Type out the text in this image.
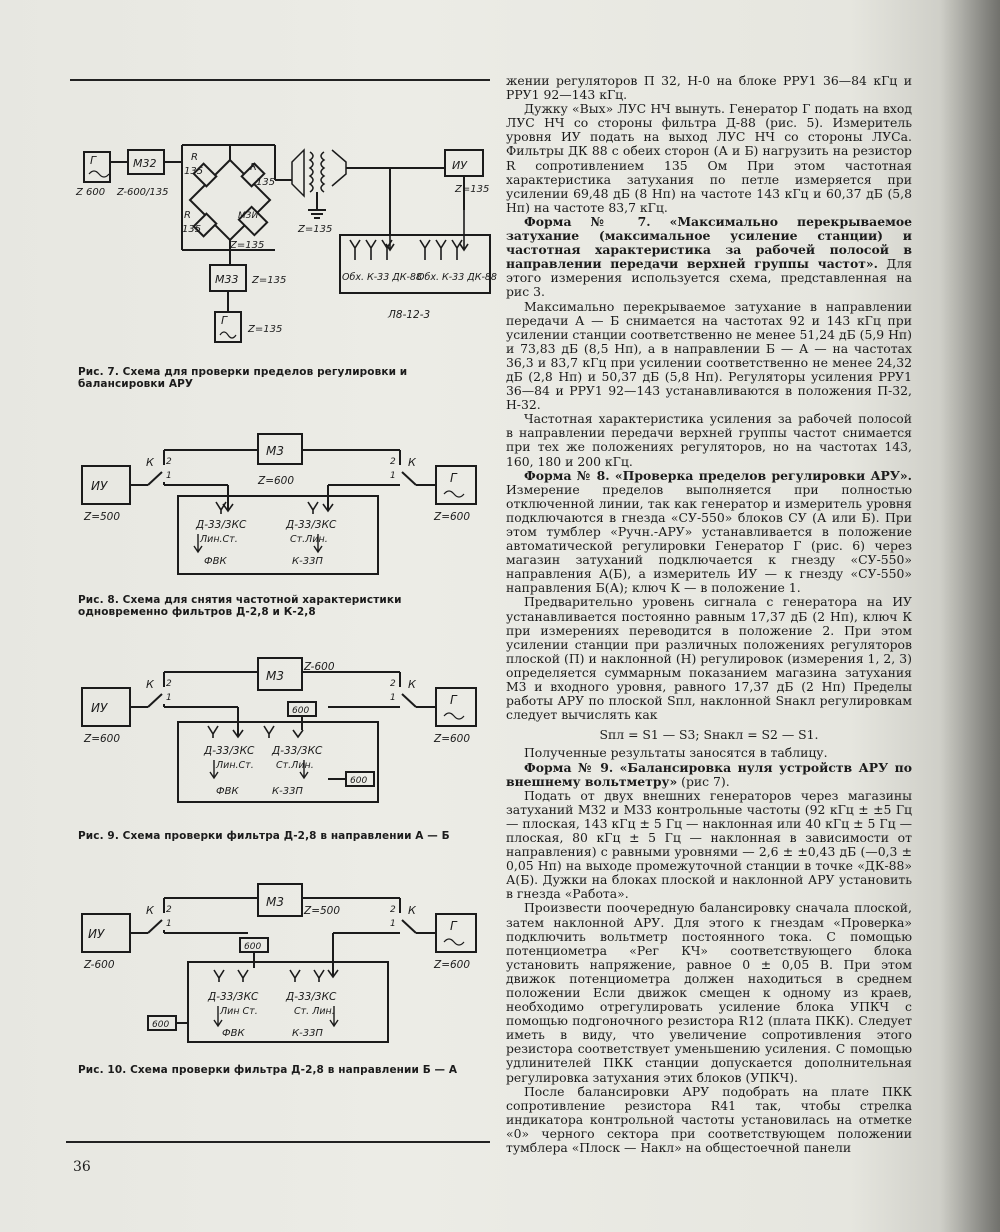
Г
Z 600
М32
Z-600/135
R
135	R
135
R
135
М3И
Z=135
Z=135
ИУ
Z=135
Обх. К-33 ДК-88
Обх. К-33 ДК-88
Л8-12-3
М33 Z=135
Г
Z=135
Рис. 7. Схема для проверки пределов регулировки и балансировки АРУ
М3
Z=600
ИУ
Z=500
К 2
1	Г
Z=600
К
2
1
Д-33/3КС	Д-33/3КС
Лин.Ст.	Ст.Лин.
ФВК	К-33П
Рис. 8. Схема для снятия частотной характеристики одновременно фильтров Д-2,8 и К-2,8
М3
Z-600
ИУ
Z=600
К 2
1	Г
Z=600
К
2
1
600
Д-33/3КС Д-33/3КС
Лин.Ст. Ст.Лин.
ФВК	К-33П
600
Рис. 9. Схема проверки фильтра Д-2,8 в направлении А — Б
М3
Z=500
ИУ
Z-600
К 2
1	Г
Z=600
К
2
1
600
Д-33/3КС	Д-33/3КС
Лин Ст.	Ст. Лин.
ФВК	К-33П
600
Рис. 10. Схема проверки фильтра Д-2,8 в направлении Б — А
36

жении регуляторов П 32, Н-0 на блоке РРУ1 36—84 кГц и РРУ1 92—143 кГц.

Дужку «Вых» ЛУС НЧ вынуть. Генератор Г подать на вход ЛУС НЧ со стороны фильтра Д-88 (рис. 5). Измеритель уровня ИУ подать на выход ЛУС НЧ со стороны ЛУСа. Фильтры ДК 88 с обеих сторон (А и Б) нагрузить на резистор R сопротивлением 135 Ом При этом частотная характеристика затухания по петле измеряется при усилении 69,48 дБ (8 Нп) на частоте 143 кГц и 60,37 дБ (5,8 Нп) на частоте 83,7 кГц.

Форма № 7. «Максимально перекрываемое затухание (максимальное усиление станции) и частотная характеристика за рабочей полосой в направлении передачи верхней группы частот». Для этого измерения используется схема, представленная на рис 3.

Максимально перекрываемое затухание в направлении передачи А — Б снимается на частотах 92 и 143 кГц при усилении станции соответственно не менее 51,24 дБ (5,9 Нп) и 73,83 дБ (8,5 Нп), а в направлении Б — А — на частотах 36,3 и 83,7 кГц при усилении соответственно не менее 24,32 дБ (2,8 Нп) и 50,37 дБ (5,8 Нп). Регуляторы усиления РРУ1 36—84 и РРУ1 92—143 устанавливаются в положения П-32, Н-32.

Частотная характеристика усиления за рабочей полосой в направлении передачи верхней группы частот снимается при тех же положениях регуляторов, но на частотах 143, 160, 180 и 200 кГц.

Форма № 8. «Проверка пределов регулировки АРУ». Измерение пределов выполняется при полностью отключенной линии, так как генератор и измеритель уровня подключаются в гнезда «СУ-550» блоков СУ (А или Б). При этом тумблер «Ручн.-АРУ» устанавливается в положение автоматической регулировки Генератор Г (рис. 6) через магазин затуханий подключается к гнезду «СУ-550» направления А(Б), а измеритель ИУ — к гнезду «СУ-550» направления Б(А); ключ К — в положение 1.

Предварительно уровень сигнала с генератора на ИУ устанавливается постоянно равным 17,37 дБ (2 Нп), ключ К при измерениях переводится в положение 2. При этом усилении станции при различных положениях регуляторов плоской (П) и наклонной (Н) регулировок (измерения 1, 2, 3) определяется суммарным показанием магазина затухания М3 и входного уровня, равного 17,37 дБ (2 Нп) Пределы работы АРУ по плоской Sпл, наклонной Sнакл регулировкам следует вычислять как

Sпл = S1 — S3; Sнакл = S2 — S1.

Полученные результаты заносятся в таблицу.

Форма № 9. «Балансировка нуля устройств АРУ по внешнему вольтметру» (рис 7).

Подать от двух внешних генераторов через магазины затуханий М32 и М33 контрольные частоты (92 кГц ± ±5 Гц — плоская, 143 кГц ± 5 Гц — наклонная или 40 кГц ± 5 Гц — плоская, 80 кГц ± 5 Гц — наклонная в зависимости от направления) с равными уровнями — 2,6 ± ±0,43 дБ (—0,3 ± 0,05 Нп) на выходе промежуточной станции в точке «ДК-88» А(Б). Дужки на блоках плоской и наклонной АРУ установить в гнезда «Работа».

Произвести поочередную балансировку сначала плоской, затем наклонной АРУ. Для этого к гнездам «Проверка» подключить вольтметр постоянного тока. С помощью потенциометра «Рег КЧ» соответствующего блока установить напряжение, равное 0 ± 0,05 В. При этом движок потенциометра должен находиться в среднем положении Если движок смещен к одному из краев, необходимо отрегулировать усиление блока УПКЧ с помощью подгоночного резистора R12 (плата ПКК). Следует иметь в виду, что увеличение сопротивления этого резистора соответствует уменьшению усиления. С помощью удлинителей ПКК станции допускается дополнительная регулировка затухания этих блоков (УПКЧ).

После балансировки АРУ подобрать на плате ПКК сопротивление резистора R41 так, чтобы стрелка индикатора контрольной частоты установилась на отметке «0» черного сектора при соответствующем положении тумблера «Плоск — Накл» на общестоечной панели
